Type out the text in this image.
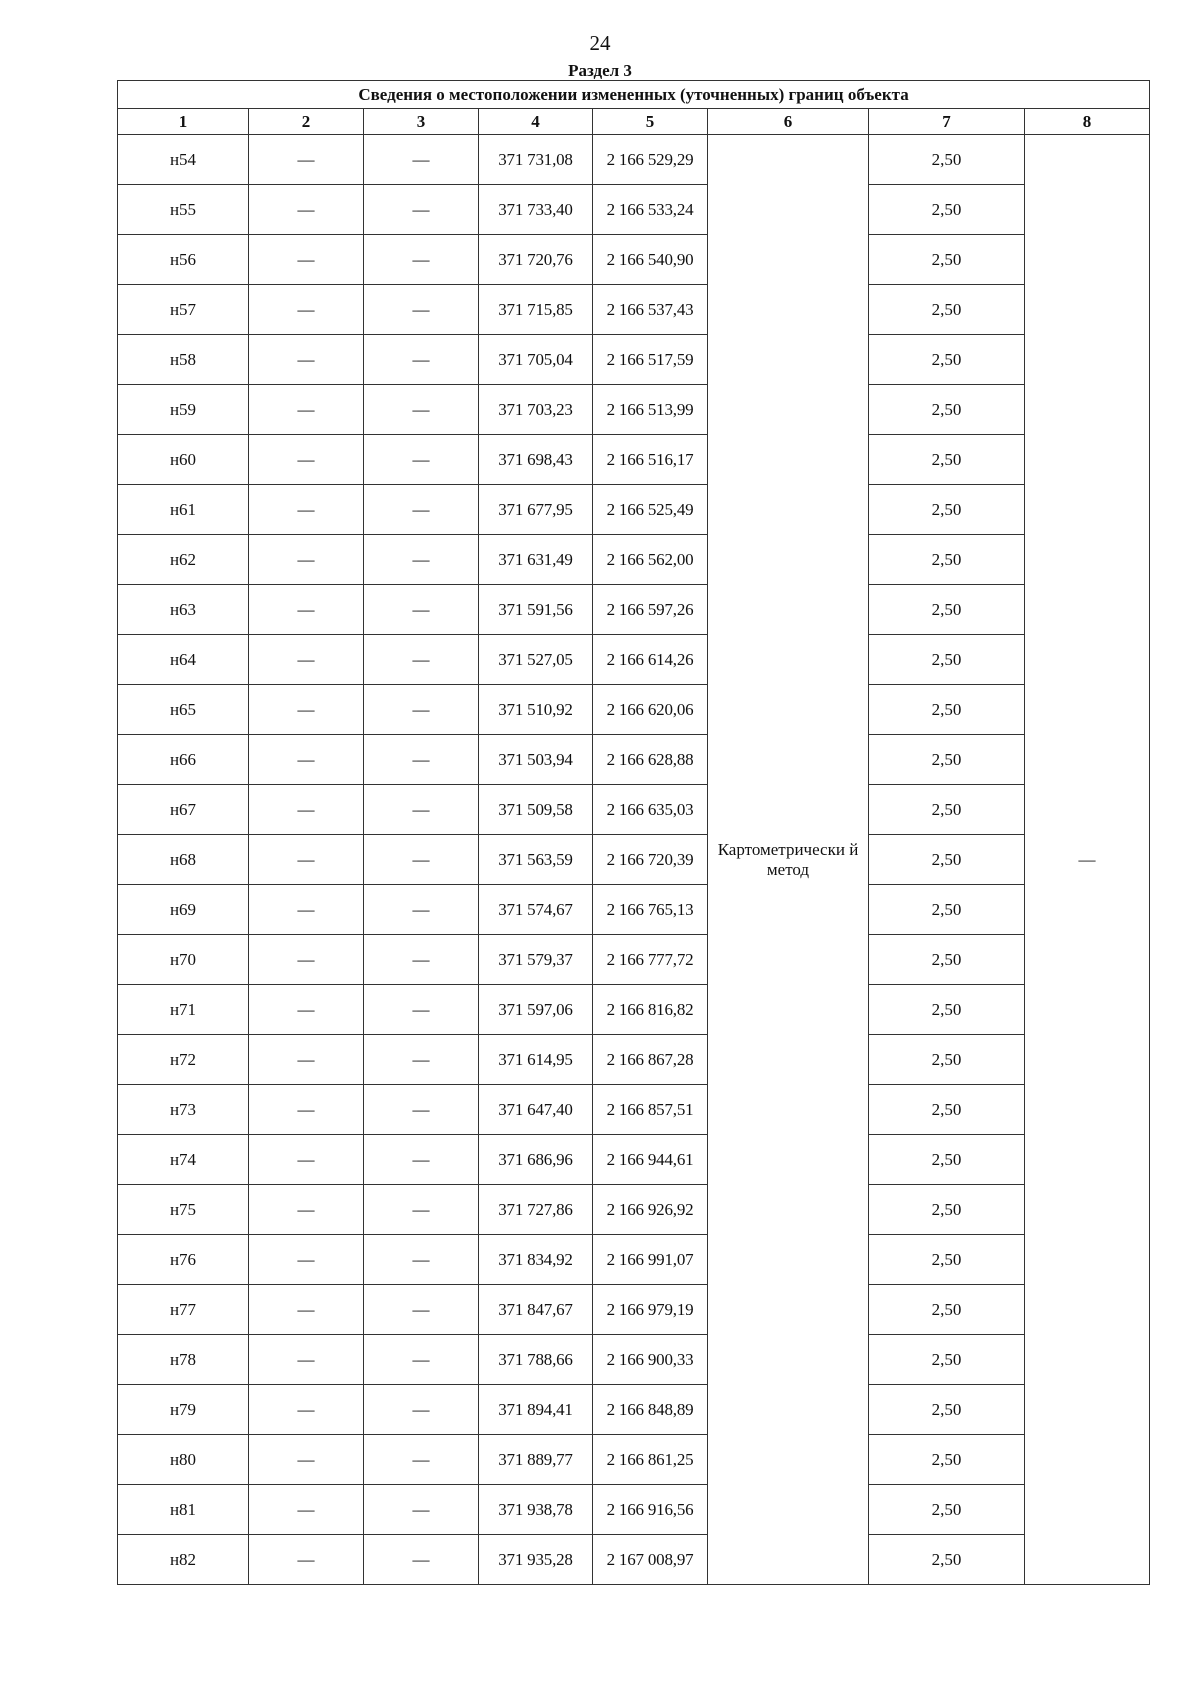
24
Раздел 3
Сведения о местоположении измененных (уточненных) границ объекта							
1	2	3	4	5	6	7	8
н54	—	—	371 731,08	2 166 529,29	Картометрически й метод	2,50	—
н55	—	—	371 733,40	2 166 533,24		2,50	
н56	—	—	371 720,76	2 166 540,90		2,50	
н57	—	—	371 715,85	2 166 537,43		2,50	
н58	—	—	371 705,04	2 166 517,59		2,50	
н59	—	—	371 703,23	2 166 513,99		2,50	
н60	—	—	371 698,43	2 166 516,17		2,50	
н61	—	—	371 677,95	2 166 525,49		2,50	
н62	—	—	371 631,49	2 166 562,00		2,50	
н63	—	—	371 591,56	2 166 597,26		2,50	
н64	—	—	371 527,05	2 166 614,26		2,50	
н65	—	—	371 510,92	2 166 620,06		2,50	
н66	—	—	371 503,94	2 166 628,88		2,50	
н67	—	—	371 509,58	2 166 635,03		2,50	
н68	—	—	371 563,59	2 166 720,39		2,50	
н69	—	—	371 574,67	2 166 765,13		2,50	
н70	—	—	371 579,37	2 166 777,72		2,50	
н71	—	—	371 597,06	2 166 816,82		2,50	
н72	—	—	371 614,95	2 166 867,28		2,50	
н73	—	—	371 647,40	2 166 857,51		2,50	
н74	—	—	371 686,96	2 166 944,61		2,50	
н75	—	—	371 727,86	2 166 926,92		2,50	
н76	—	—	371 834,92	2 166 991,07		2,50	
н77	—	—	371 847,67	2 166 979,19		2,50	
н78	—	—	371 788,66	2 166 900,33		2,50	
н79	—	—	371 894,41	2 166 848,89		2,50	
н80	—	—	371 889,77	2 166 861,25		2,50	
н81	—	—	371 938,78	2 166 916,56		2,50	
н82	—	—	371 935,28	2 167 008,97		2,50	
